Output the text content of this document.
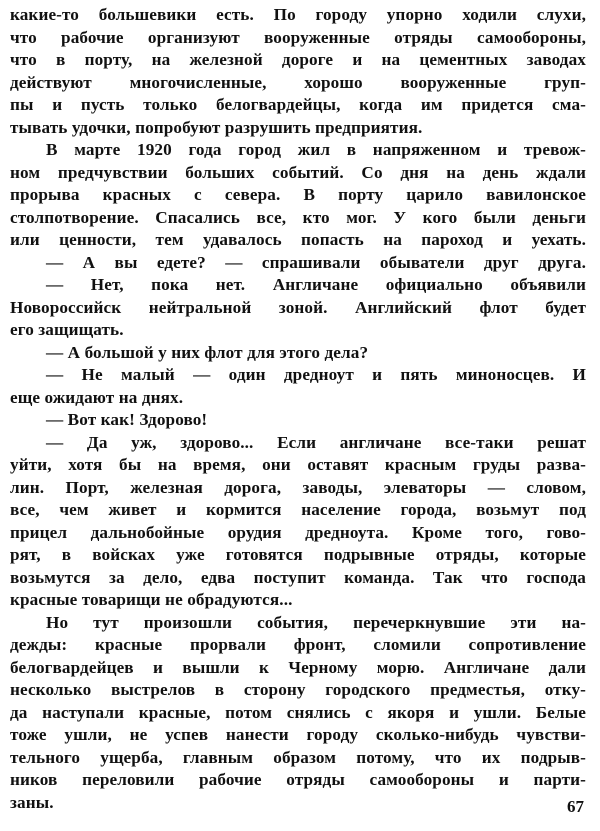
какие-то большевики есть. По городу упорно ходили слухи,
что рабочие организуют вооруженные отряды самообороны,
что в порту, на железной дороге и на цементных заводах
действуют многочисленные, хорошо вооруженные груп-
пы и пусть только белогвардейцы, когда им придется сма-
тывать удочки, попробуют разрушить предприятия.
В марте 1920 года город жил в напряженном и тревож-
ном предчувствии больших событий. Со дня на день ждали
прорыва красных с севера. В порту царило вавилонское
столпотворение. Спасались все, кто мог. У кого были деньги
или ценности, тем удавалось попасть на пароход и уехать.
— А вы едете? — спрашивали обыватели друг друга.
— Нет, пока нет. Англичане официально объявили
Новороссийск нейтральной зоной. Английский флот будет
его защищать.
— А большой у них флот для этого дела?
— Не малый — один дредноут и пять миноносцев. И
еще ожидают на днях.
— Вот как! Здорово!
— Да уж, здорово... Если англичане все-таки решат
уйти, хотя бы на время, они оставят красным груды разва-
лин. Порт, железная дорога, заводы, элеваторы — словом,
все, чем живет и кормится население города, возьмут под
прицел дальнобойные орудия дредноута. Кроме того, гово-
рят, в войсках уже готовятся подрывные отряды, которые
возьмутся за дело, едва поступит команда. Так что господа
красные товарищи не обрадуются...
Но тут произошли события, перечеркнувшие эти на-
дежды: красные прорвали фронт, сломили сопротивление
белогвардейцев и вышли к Черному морю. Англичане дали
несколько выстрелов в сторону городского предместья, отку-
да наступали красные, потом снялись с якоря и ушли. Белые
тоже ушли, не успев нанести городу сколько-нибудь чувстви-
тельного ущерба, главным образом потому, что их подрыв-
ников переловили рабочие отряды самообороны и парти-
заны.	67
